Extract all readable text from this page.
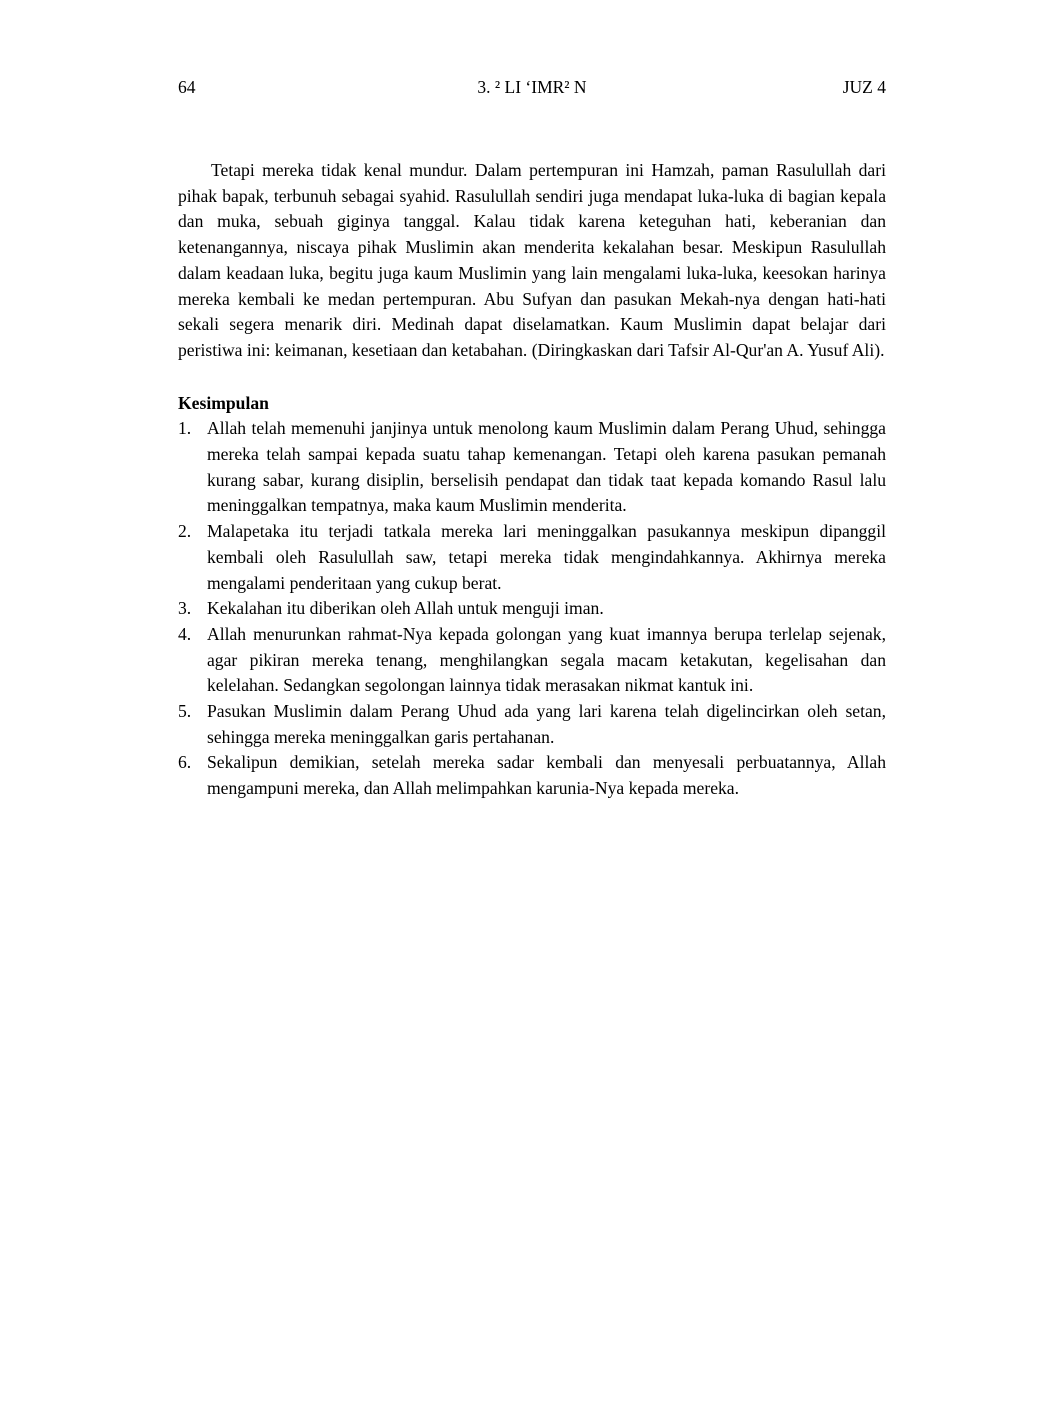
64	3. ² LI ‘IMR² N	JUZ 4

Tetapi mereka tidak kenal mundur. Dalam pertempuran ini Hamzah, paman Rasulullah dari pihak bapak, terbunuh sebagai syahid. Rasulullah sendiri juga mendapat luka-luka di bagian kepala dan muka, sebuah giginya tanggal. Kalau tidak karena keteguhan hati, keberanian dan ketenangannya, niscaya pihak Muslimin akan menderita kekalahan besar. Meskipun Rasulullah dalam keadaan luka, begitu juga kaum Muslimin yang lain mengalami luka-luka, keesokan harinya mereka kembali ke medan pertempuran. Abu Sufyan dan pasukan Mekah-nya dengan hati-hati sekali segera menarik diri. Medinah dapat diselamatkan. Kaum Muslimin dapat belajar dari peristiwa ini: keimanan, kesetiaan dan ketabahan. (Diringkaskan dari Tafsir Al-Qur'an A. Yusuf Ali).

Kesimpulan
1. Allah telah memenuhi janjinya untuk menolong kaum Muslimin dalam Perang Uhud, sehingga mereka telah sampai kepada suatu tahap kemenangan. Tetapi oleh karena pasukan pemanah kurang sabar, kurang disiplin, berselisih pendapat dan tidak taat kepada komando Rasul lalu meninggalkan tempatnya, maka kaum Muslimin menderita.
2. Malapetaka itu terjadi tatkala mereka lari meninggalkan pasukannya meskipun dipanggil kembali oleh Rasulullah saw, tetapi mereka tidak mengindahkannya. Akhirnya mereka mengalami penderitaan yang cukup berat.
3. Kekalahan itu diberikan oleh Allah untuk menguji iman.
4. Allah menurunkan rahmat-Nya kepada golongan yang kuat imannya berupa terlelap sejenak, agar pikiran mereka tenang, menghilangkan segala macam ketakutan, kegelisahan dan kelelahan. Sedangkan segolongan lainnya tidak merasakan nikmat kantuk ini.
5. Pasukan Muslimin dalam Perang Uhud ada yang lari karena telah digelincirkan oleh setan, sehingga mereka meninggalkan garis pertahanan.
6. Sekalipun demikian, setelah mereka sadar kembali dan menyesali perbuatannya, Allah mengampuni mereka, dan Allah melimpahkan karunia-Nya kepada mereka.
